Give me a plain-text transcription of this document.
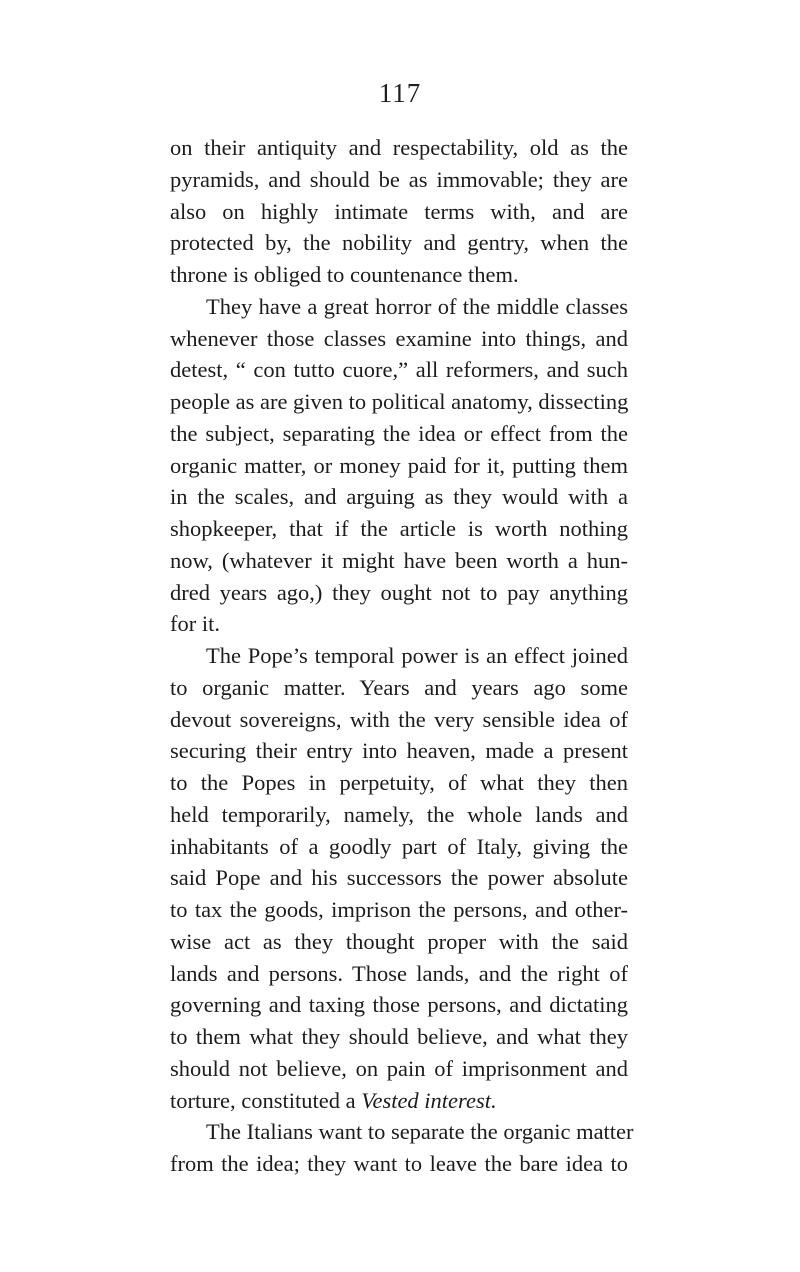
117
on their antiquity and respectability, old as the
pyramids, and should be as immovable; they are
also on highly intimate terms with, and are
protected by, the nobility and gentry, when the
throne is obliged to countenance them.
They have a great horror of the middle classes
whenever those classes examine into things, and
detest, “ con tutto cuore,” all reformers, and such
people as are given to political anatomy, dissecting
the subject, separating the idea or effect from the
organic matter, or money paid for it, putting them
in the scales, and arguing as they would with a
shopkeeper, that if the article is worth nothing
now, (whatever it might have been worth a hun-
dred years ago,) they ought not to pay anything
for it.
The Pope’s temporal power is an effect joined
to organic matter. Years and years ago some
devout sovereigns, with the very sensible idea of
securing their entry into heaven, made a present
to the Popes in perpetuity, of what they then
held temporarily, namely, the whole lands and
inhabitants of a goodly part of Italy, giving the
said Pope and his successors the power absolute
to tax the goods, imprison the persons, and other-
wise act as they thought proper with the said
lands and persons. Those lands, and the right of
governing and taxing those persons, and dictating
to them what they should believe, and what they
should not believe, on pain of imprisonment and
torture, constituted a Vested interest.
The Italians want to separate the organic matter
from the idea; they want to leave the bare idea to
